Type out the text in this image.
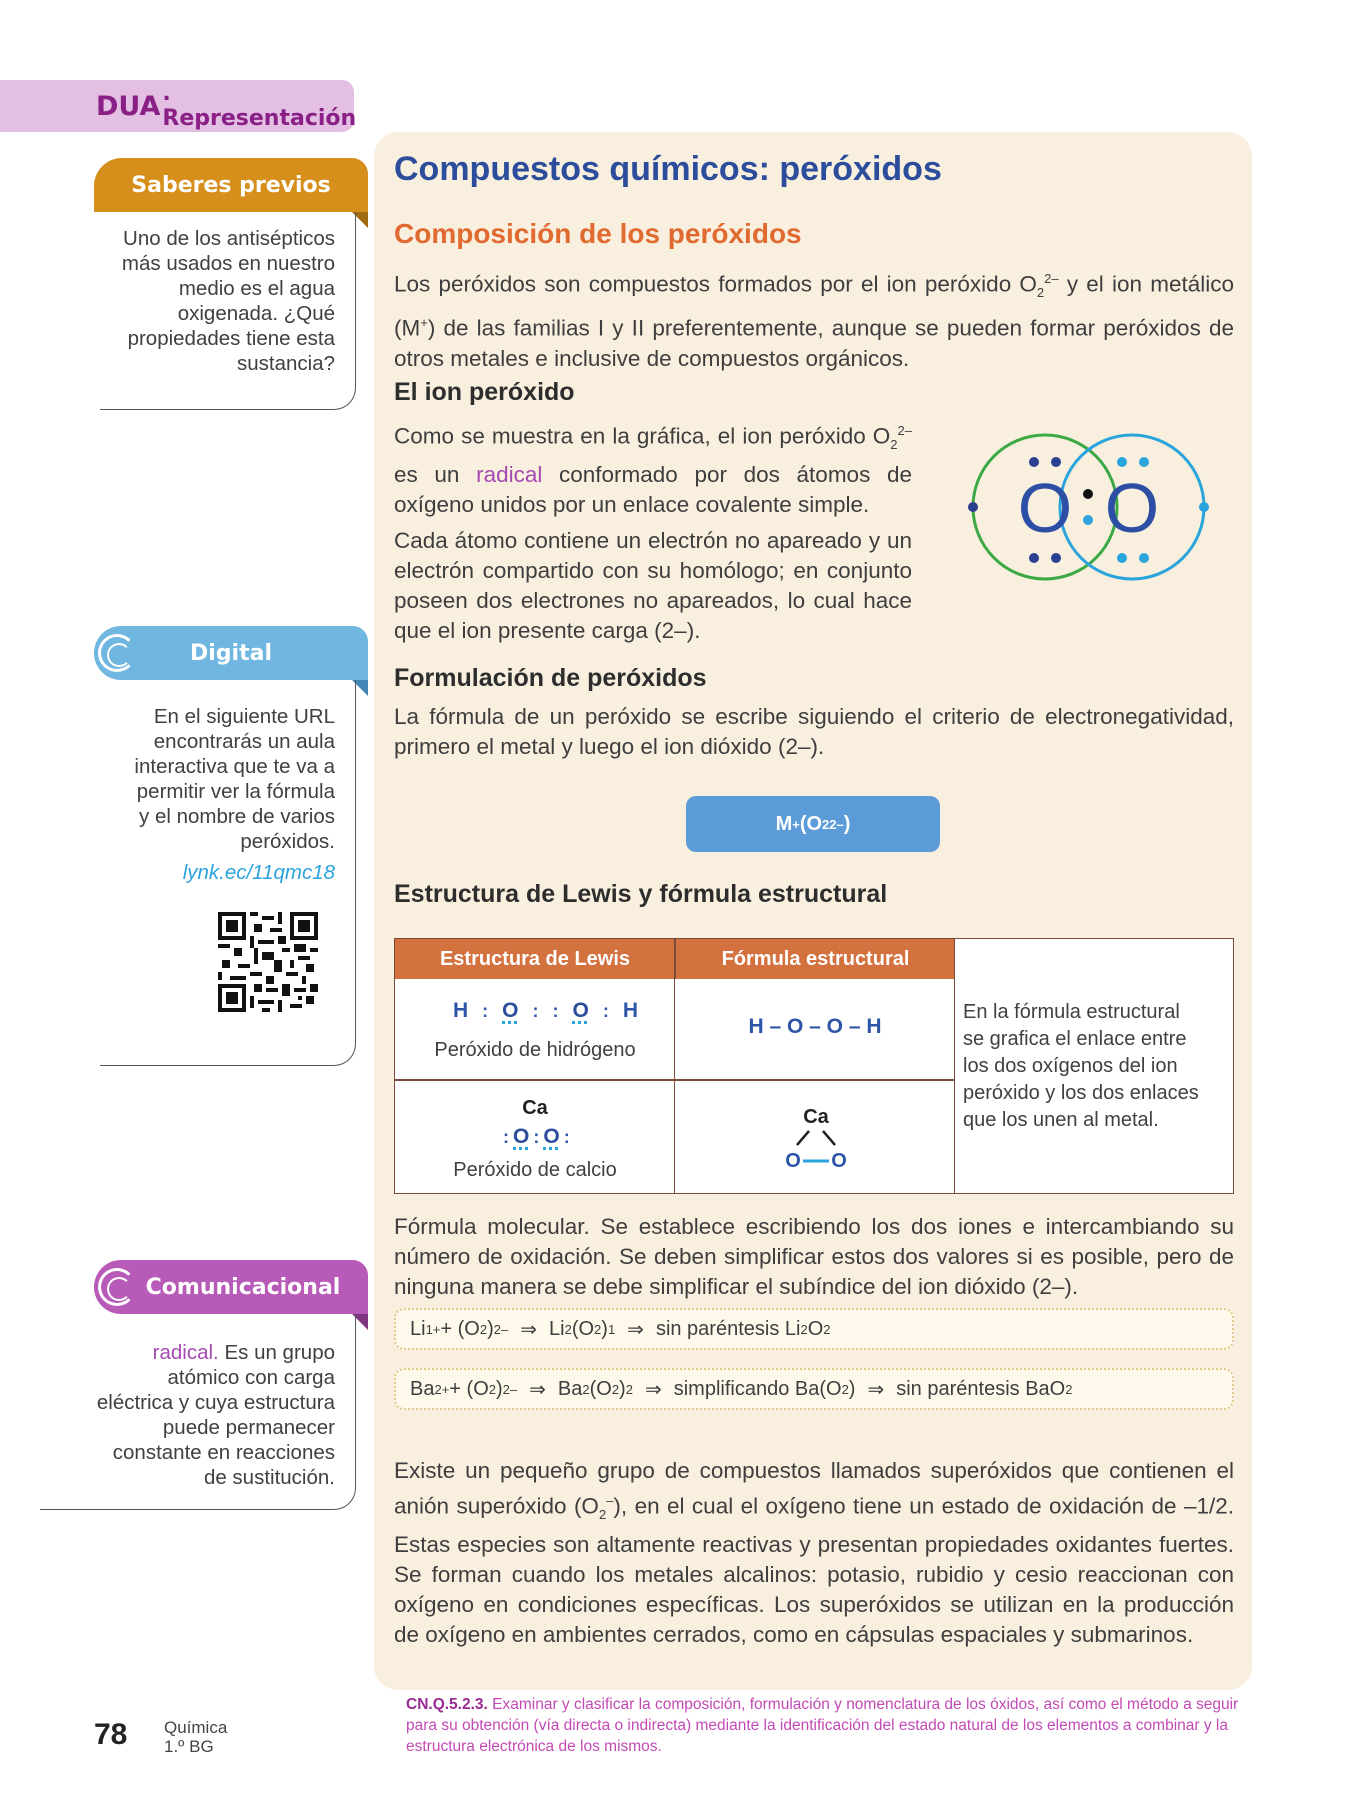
DUA . Representación
Saberes previos
Uno de los antisépticos
más usados en nuestro
medio es el agua
oxigenada. ¿Qué
propiedades tiene esta
sustancia?
Digital
En el siguiente URL
encontrarás un aula
interactiva que te va a
permitir ver la fórmula
y el nombre de varios
peróxidos.
lynk.ec/11qmc18
Comunicacional
radical. Es un grupo
atómico con carga
eléctrica y cuya estructura
puede permanecer
constante en reacciones
de sustitución.
Compuestos químicos: peróxidos
Composición de los peróxidos
Los peróxidos son compuestos formados por el ion peróxido $O_2^{2-}$ y el ion metálico (M+) de las familias I y II preferentemente, aunque se pueden formar peróxidos de otros metales e inclusive de compuestos orgánicos.
El ion peróxido
Como se muestra en la gráfica, el ion peróxido $O_2^{2-}$ es un radical conformado por dos átomos de oxígeno unidos por un enlace covalente simple.
Cada átomo contiene un electrón no apareado y un electrón compartido con su homólogo; en conjunto poseen dos electrones no apareados, lo cual hace que el ion presente carga (2–).
O O
Formulación de peróxidos
La fórmula de un peróxido se escribe siguiendo el criterio de electronegatividad, primero el metal y luego el ion dióxido (2–).
M + (O 2 2– )
Estructura de Lewis y fórmula estructural
Estructura de Lewis	Fórmula estructural
H : O : : O : H
Peróxido de hidrógeno
H – O – O – H
Ca
: O : O :
Peróxido de calcio
Ca
O O
En la fórmula estructural se grafica el enlace entre los dos oxígenos del ion peróxido y los dos enlaces que los unen al metal.
Fórmula molecular. Se establece escribiendo los dos iones e intercambiando su número de oxidación. Se deben simplificar estos dos valores si es posible, pero de ninguna manera se debe simplificar el subíndice del ion dióxido (2–).
Li 1+ + (O 2 ) 2– ⇒ Li 2 (O 2 ) 1 ⇒ sin paréntesis Li 2 O 2
Ba 2+ + (O 2 ) 2– ⇒ Ba 2 (O 2 ) 2 ⇒ simplificando Ba(O 2 ) ⇒ sin paréntesis BaO 2
Existe un pequeño grupo de compuestos llamados superóxidos que contienen el anión superóxido $(O_2^-)$, en el cual el oxígeno tiene un estado de oxidación de –1/2. Estas especies son altamente reactivas y presentan propiedades oxidantes fuertes. Se forman cuando los metales alcalinos: potasio, rubidio y cesio reaccionan con oxígeno en condiciones específicas. Los superóxidos se utilizan en la producción de oxígeno en ambientes cerrados, como en cápsulas espaciales y submarinos.
78 Química
1.º BG
CN.Q.5.2.3. Examinar y clasificar la composición, formulación y nomenclatura de los óxidos, así como el método a seguir para su obtención (vía directa o indirecta) mediante la identificación del estado natural de los elementos a combinar y la estructura electrónica de los mismos.
